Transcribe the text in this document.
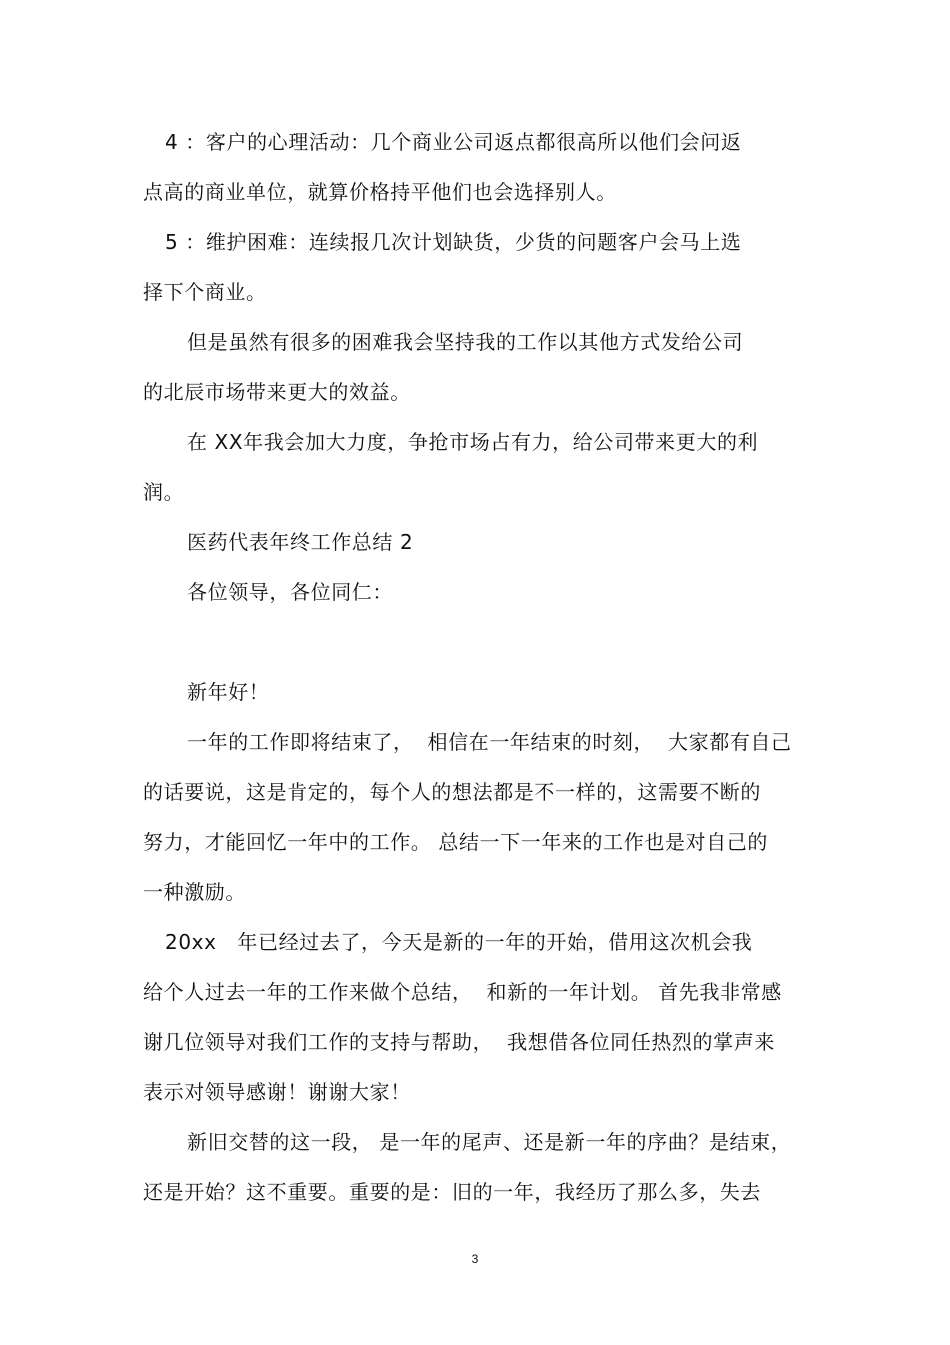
4 ：客户的心理活动：几个商业公司返点都很高所以他们会问返
点高的商业单位，就算价格持平他们也会选择别人。
5 ：维护困难：连续报几次计划缺货，少货的问题客户会马上选
择下个商业。
但是虽然有很多的困难我会坚持我的工作以其他方式发给公司
的北辰市场带来更大的效益。
在 XX年我会加大力度，争抢市场占有力，给公司带来更大的利
润。
医药代表年终工作总结 2
各位领导，各位同仁：
新年好！
一年的工作即将结束了，  相信在一年结束的时刻，  大家都有自己
的话要说，这是肯定的，每个人的想法都是不一样的，这需要不断的
努力，才能回忆一年中的工作。 总结一下一年来的工作也是对自己的
一种激励。
20xx   年已经过去了，今天是新的一年的开始，借用这次机会我
给个人过去一年的工作来做个总结，  和新的一年计划。 首先我非常感
谢几位领导对我们工作的支持与帮助，  我想借各位同任热烈的掌声来
表示对领导感谢！谢谢大家！
新旧交替的这一段， 是一年的尾声、还是新一年的序曲？是结束，
还是开始？这不重要。重要的是：旧的一年，我经历了那么多，失去
3
